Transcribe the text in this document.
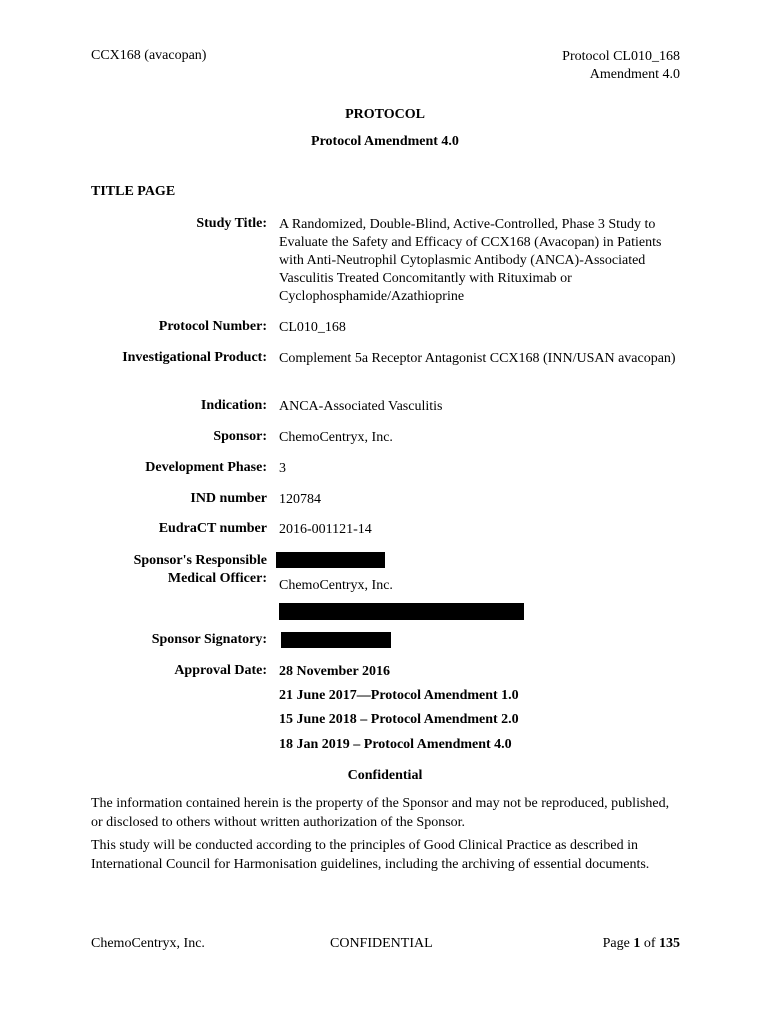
CCX168 (avacopan)	Protocol CL010_168
Amendment 4.0
PROTOCOL
Protocol Amendment 4.0
TITLE PAGE
Study Title: A Randomized, Double-Blind, Active-Controlled, Phase 3 Study to Evaluate the Safety and Efficacy of CCX168 (Avacopan) in Patients with Anti-Neutrophil Cytoplasmic Antibody (ANCA)-Associated Vasculitis Treated Concomitantly with Rituximab or Cyclophosphamide/Azathioprine
Protocol Number: CL010_168
Investigational Product: Complement 5a Receptor Antagonist CCX168 (INN/USAN avacopan)
Indication: ANCA-Associated Vasculitis
Sponsor: ChemoCentryx, Inc.
Development Phase: 3
IND number 120784
EudraCT number 2016-001121-14
Sponsor's Responsible
Medical Officer: ChemoCentryx, Inc.
Sponsor Signatory:
Approval Date: 28 November 2016
21 June 2017—Protocol Amendment 1.0
15 June 2018 – Protocol Amendment 2.0
18 Jan 2019 – Protocol Amendment 4.0
Confidential
The information contained herein is the property of the Sponsor and may not be reproduced, published, or disclosed to others without written authorization of the Sponsor.
This study will be conducted according to the principles of Good Clinical Practice as described in International Council for Harmonisation guidelines, including the archiving of essential documents.
ChemoCentryx, Inc.	CONFIDENTIAL	Page 1 of 135
